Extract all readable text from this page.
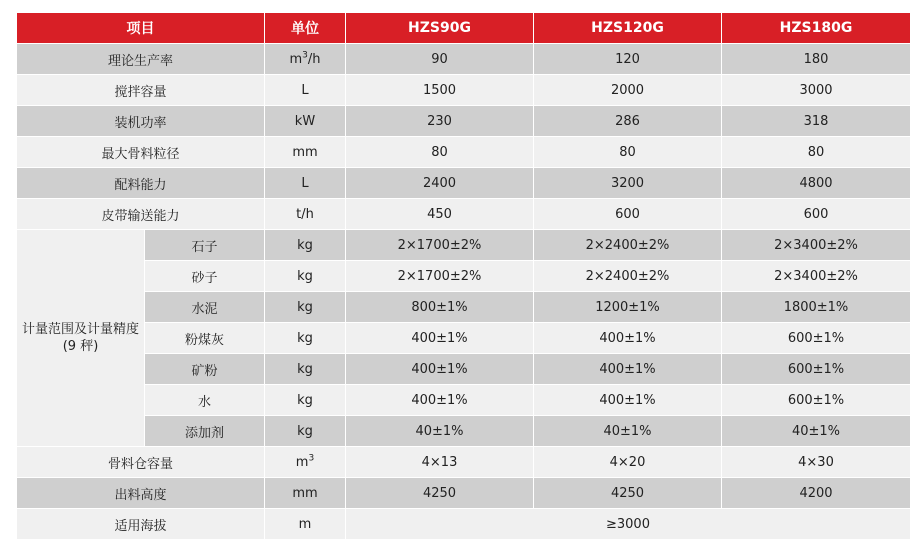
项目		单位	HZS90G	HZS120G	HZS180G
理论生产率		$m^3/h$	90	120	180
搅拌容量		L	1500	2000	3000
装机功率		kW	230	286	318
最大骨料粒径		mm	80	80	80
配料能力		L	2400	3200	4800
皮带输送能力		t/h	450	600	600
计量范围及计量精度 (9 秤)	石子	kg	2×1700±2%	2×2400±2%	2×3400±2%
	砂子	kg	2×1700±2%	2×2400±2%	2×3400±2%
	水泥	kg	800±1%	1200±1%	1800±1%
	粉煤灰	kg	400±1%	400±1%	600±1%
	矿粉	kg	400±1%	400±1%	600±1%
	水	kg	400±1%	400±1%	600±1%
	添加剂	kg	40±1%	40±1%	40±1%
骨料仓容量		$m^3$	4×13	4×20	4×30
出料高度		mm	4250	4250	4200
适用海拔		m	≥3000		
